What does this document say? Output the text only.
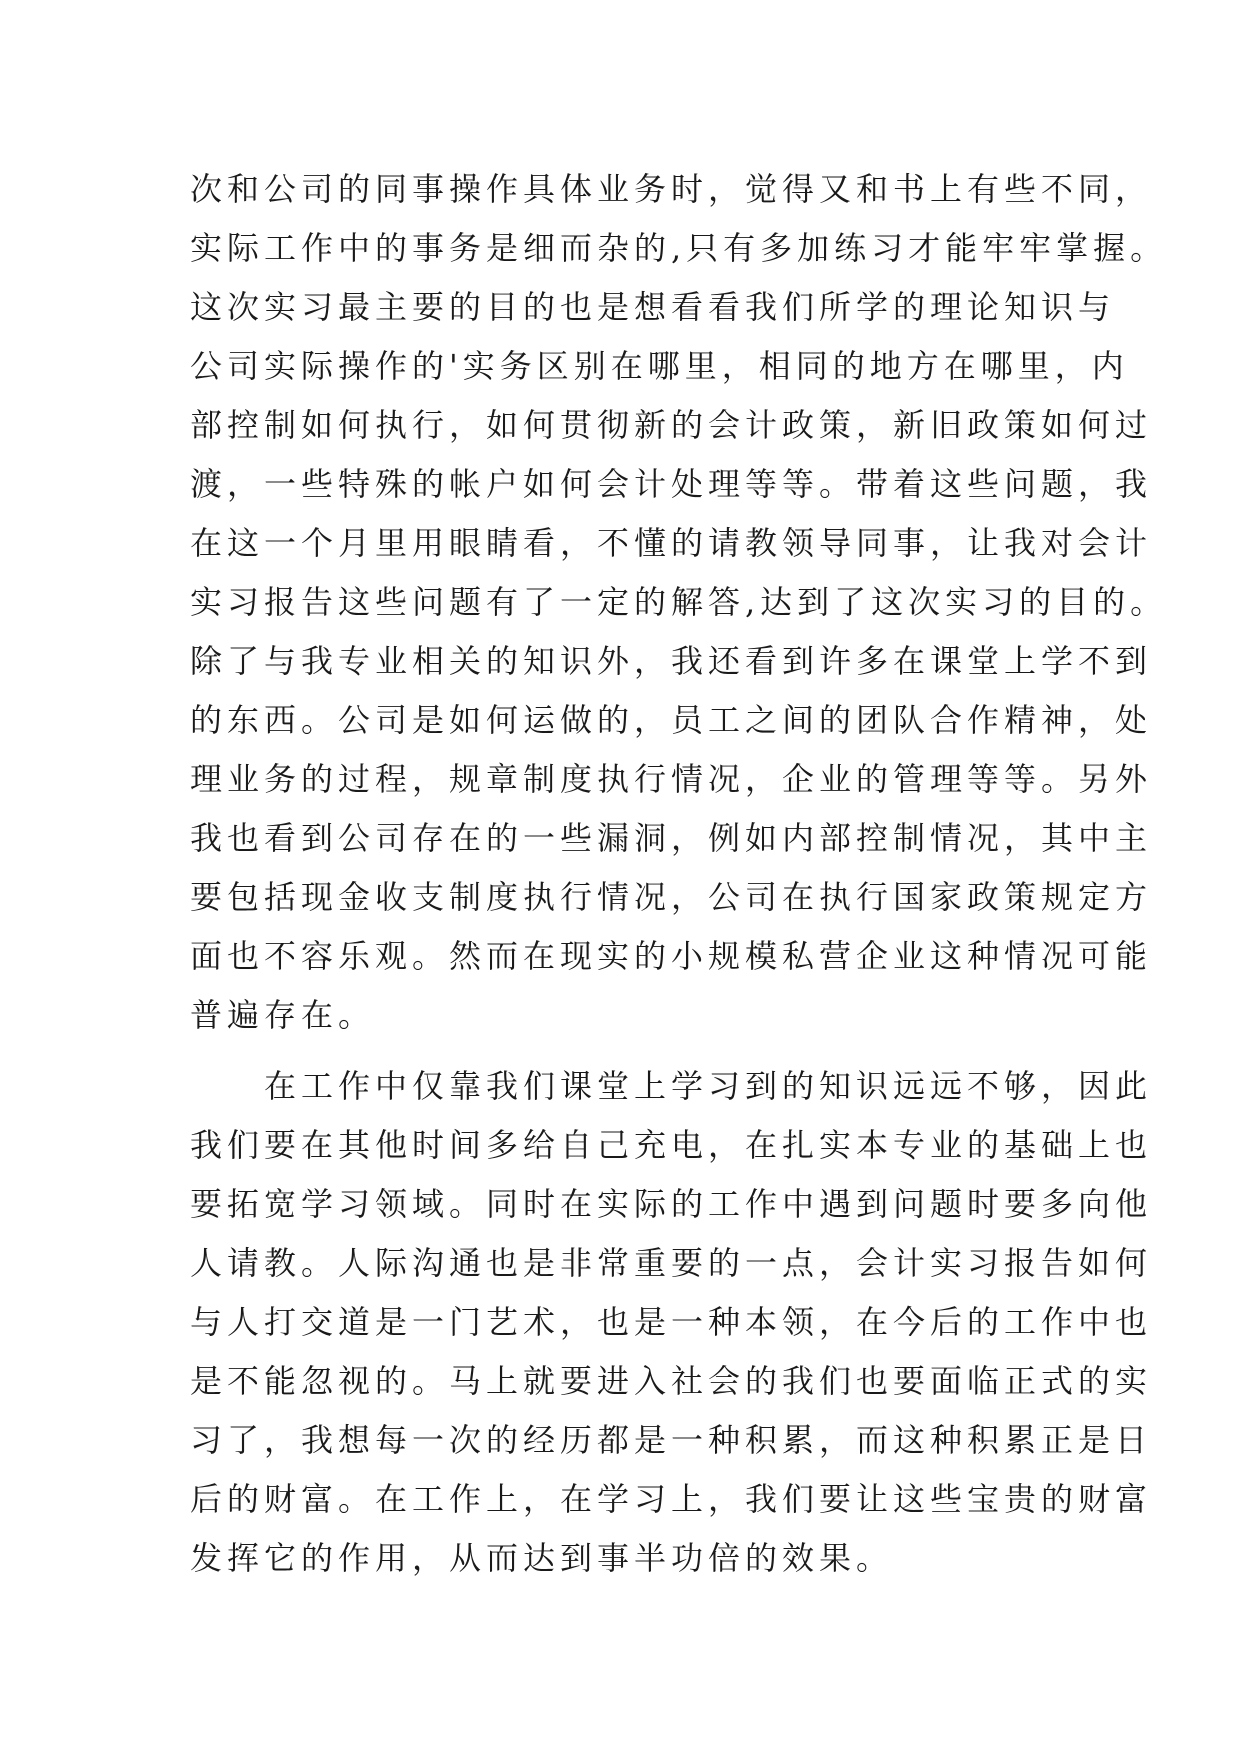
次和公司的同事操作具体业务时，觉得又和书上有些不同，
实际工作中的事务是细而杂的,只有多加练习才能牢牢掌握。
这次实习最主要的目的也是想看看我们所学的理论知识与
公司实际操作的'实务区别在哪里，相同的地方在哪里，内
部控制如何执行，如何贯彻新的会计政策，新旧政策如何过
渡，一些特殊的帐户如何会计处理等等。带着这些问题，我
在这一个月里用眼睛看，不懂的请教领导同事，让我对会计
实习报告这些问题有了一定的解答,达到了这次实习的目的。
除了与我专业相关的知识外，我还看到许多在课堂上学不到
的东西。公司是如何运做的，员工之间的团队合作精神，处
理业务的过程，规章制度执行情况，企业的管理等等。另外
我也看到公司存在的一些漏洞，例如内部控制情况，其中主
要包括现金收支制度执行情况，公司在执行国家政策规定方
面也不容乐观。然而在现实的小规模私营企业这种情况可能
普遍存在。
　　在工作中仅靠我们课堂上学习到的知识远远不够，因此
我们要在其他时间多给自己充电，在扎实本专业的基础上也
要拓宽学习领域。同时在实际的工作中遇到问题时要多向他
人请教。人际沟通也是非常重要的一点，会计实习报告如何
与人打交道是一门艺术，也是一种本领，在今后的工作中也
是不能忽视的。马上就要进入社会的我们也要面临正式的实
习了，我想每一次的经历都是一种积累，而这种积累正是日
后的财富。在工作上，在学习上，我们要让这些宝贵的财富
发挥它的作用，从而达到事半功倍的效果。
